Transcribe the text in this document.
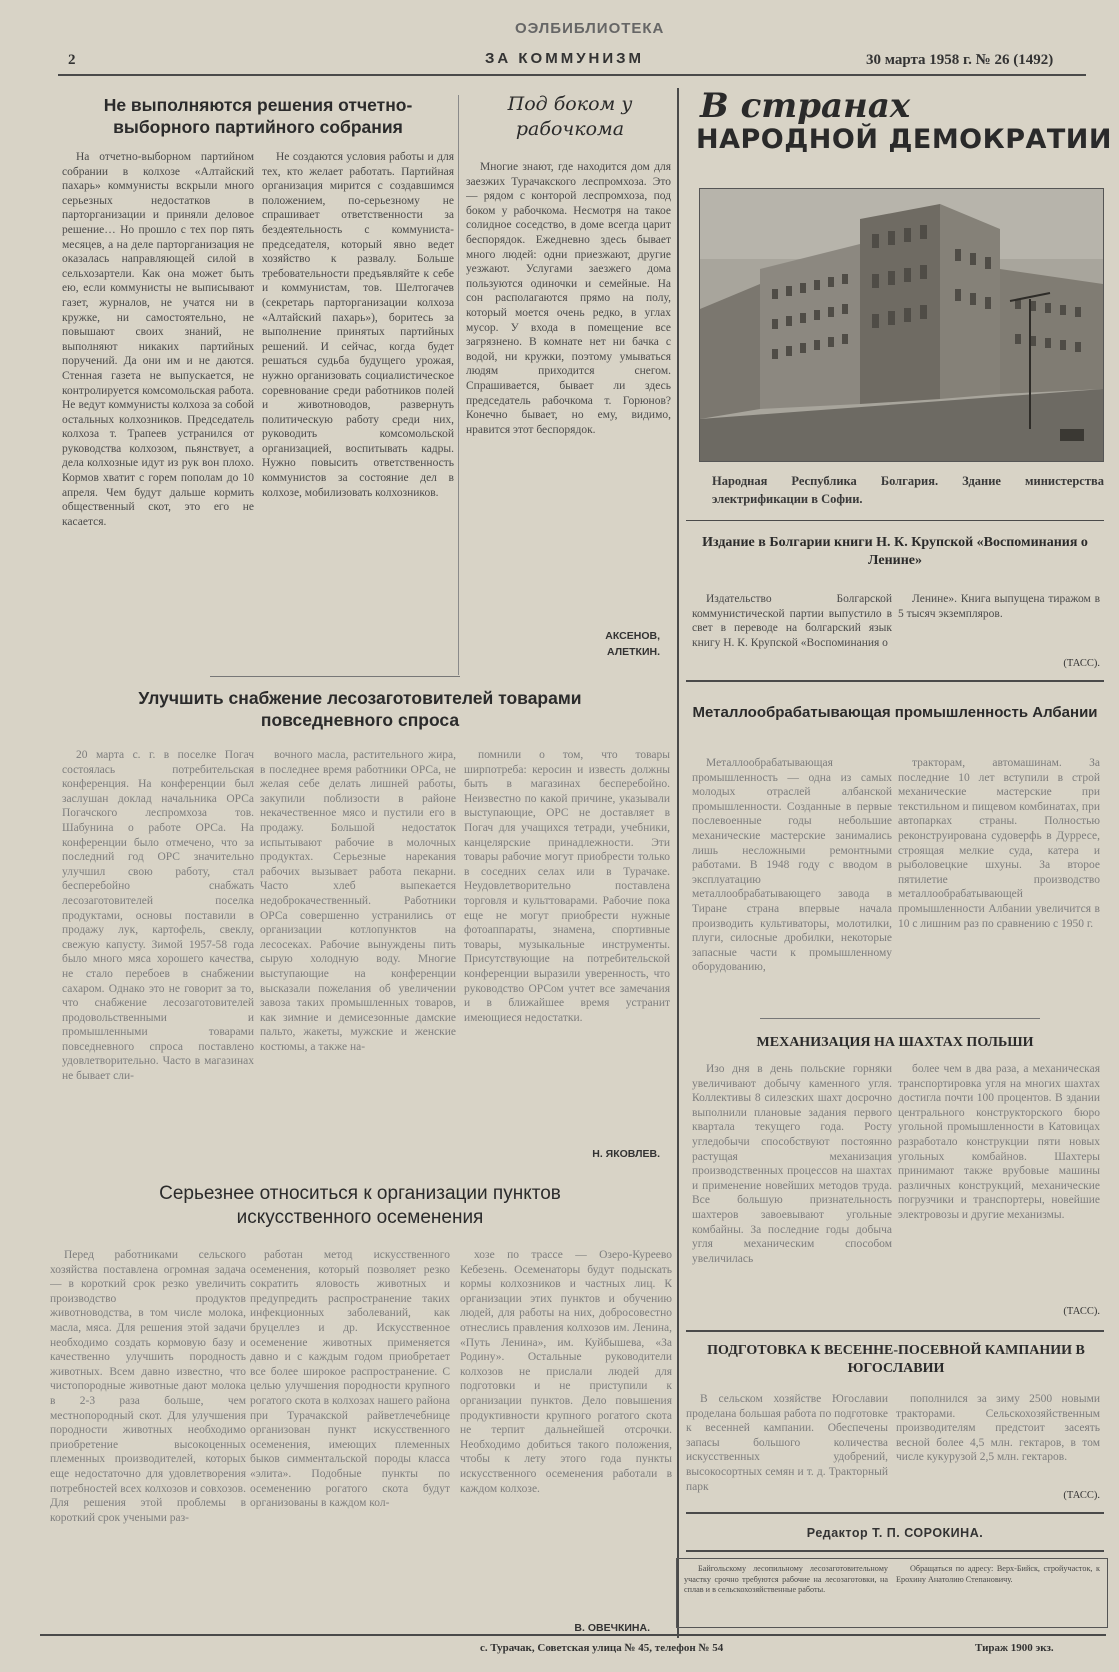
ОЭЛБИБЛИОТЕКА
2	ЗА КОММУНИЗМ	30 марта 1958 г. № 26 (1492)
Не выполняются решения отчетно-выборного партийного собрания

На отчетно-выборном партийном собрании в колхозе «Алтайский пахарь» коммунисты вскрыли много серьезных недостатков в парторганизации и приняли деловое решение… Но прошло с тех пор пять месяцев, а на деле парторганизация не оказалась направляющей силой в сельхозартели. Как она может быть ею, если коммунисты не выписывают газет, журналов, не учатся ни в кружке, ни самостоятельно, не повышают своих знаний, не выполняют никаких партийных поручений. Да они им и не даются. Стенная газета не выпускается, не контролируется комсомольская работа. Не ведут коммунисты колхоза за собой остальных колхозников. Председатель колхоза т. Трапеев устранился от руководства колхозом, пьянствует, а дела колхозные идут из рук вон плохо. Кормов хватит с горем пополам до 10 апреля. Чем будут дальше кормить общественный скот, это его не касается.

Не создаются условия работы и для тех, кто желает работать. Партийная организация мирится с создавшимся положением, по-серьезному не спрашивает ответственности за бездеятельность с коммуниста-председателя, который явно ведет хозяйство к развалу. Больше требовательности предъявляйте к себе и коммунистам, тов. Шелтогачев (секретарь парторганизации колхоза «Алтайский пахарь»), боритесь за выполнение принятых партийных решений. И сейчас, когда будет решаться судьба будущего урожая, нужно организовать социалистическое соревнование среди работников полей и животноводов, развернуть политическую работу среди них, руководить комсомольской организацией, воспитывать кадры. Нужно повысить ответственность коммунистов за состояние дел в колхозе, мобилизовать колхозников.

Под боком у рабочкома

Многие знают, где находится дом для заезжих Турачакского леспромхоза. Это — рядом с конторой леспромхоза, под боком у рабочкома. Несмотря на такое солидное соседство, в доме всегда царит беспорядок. Ежедневно здесь бывает много людей: одни приезжают, другие уезжают. Услугами заезжего дома пользуются одиночки и семейные. На сон располагаются прямо на полу, который моется очень редко, в углах мусор. У входа в помещение все загрязнено. В комнате нет ни бачка с водой, ни кружки, поэтому умываться людям приходится снегом. Спрашивается, бывает ли здесь председатель рабочкома т. Горюнов? Конечно бывает, но ему, видимо, нравится этот беспорядок.

АКСЕНОВ,
АЛЕТКИН.
Улучшить снабжение лесозаготовителей товарами повседневного спроса

20 марта с. г. в поселке Погач состоялась потребительская конференция. На конференции был заслушан доклад начальника ОРСа Погачского леспромхоза тов. Шабунина о работе ОРСа. На конференции было отмечено, что за последний год ОРС значительно улучшил свою работу, стал бесперебойно снабжать лесозаготовителей поселка продуктами, основы поставили в продажу лук, картофель, свеклу, свежую капусту. Зимой 1957-58 года было много мяса хорошего качества, не стало перебоев в снабжении сахаром. Однако это не говорит за то, что снабжение лесозаготовителей продовольственными и промышленными товарами повседневного спроса поставлено удовлетворительно. Часто в магазинах не бывает сли-

вочного масла, растительного жира, в последнее время работники ОРСа, не желая себе делать лишней работы, закупили поблизости в районе некачественное мясо и пустили его в продажу. Большой недостаток испытывают рабочие в молочных продуктах. Серьезные нарекания рабочих вызывает работа пекарни. Часто хлеб выпекается недоброкачественный. Работники ОРСа совершенно устранились от организации котлопунктов на лесосеках. Рабочие вынуждены пить сырую холодную воду. Многие выступающие на конференции высказали пожелания об увеличении завоза таких промышленных товаров, как зимние и демисезонные дамские пальто, жакеты, мужские и женские костюмы, а также на-

помнили о том, что товары ширпотреба: керосин и известь должны быть в магазинах бесперебойно. Неизвестно по какой причине, указывали выступающие, ОРС не доставляет в Погач для учащихся тетради, учебники, канцелярские принадлежности. Эти товары рабочие могут приобрести только в соседних селах или в Турачаке. Неудовлетворительно поставлена торговля и культтоварами. Рабочие пока еще не могут приобрести нужные фотоаппараты, знамена, спортивные товары, музыкальные инструменты. Присутствующие на потребительской конференции выразили уверенность, что руководство ОРСом учтет все замечания и в ближайшее время устранит имеющиеся недостатки.

Н. ЯКОВЛЕВ.
Серьезнее относиться к организации пунктов искусственного осеменения

Перед работниками сельского хозяйства поставлена огромная задача — в короткий срок резко увеличить производство продуктов животноводства, в том числе молока, масла, мяса. Для решения этой задачи необходимо создать кормовую базу и качественно улучшить породность животных. Всем давно известно, что чистопородные животные дают молока в 2-3 раза больше, чем местнопородный скот. Для улучшения породности животных необходимо приобретение высокоценных племенных производителей, которых еще недостаточно для удовлетворения потребностей всех колхозов и совхозов. Для решения этой проблемы в короткий срок учеными раз-

работан метод искусственного осеменения, который позволяет резко сократить яловость животных и предупредить распространение таких инфекционных заболеваний, как бруцеллез и др. Искусственное осеменение животных применяется давно и с каждым годом приобретает все более широкое распространение. С целью улучшения породности крупного рогатого скота в колхозах нашего района при Турачакской райветлечебнице организован пункт искусственного осеменения, имеющих племенных быков симментальской породы класса «элита». Подобные пункты по осеменению рогатого скота будут организованы в каждом кол-

хозе по трассе — Озеро-Куреево Кебезень. Осеменаторы будут подыскать кормы колхозников и частных лиц. К организации этих пунктов и обучению людей, для работы на них, добросовестно отнеслись правления колхозов им. Ленина, «Путь Ленина», им. Куйбышева, «За Родину». Остальные руководители колхозов не прислали людей для подготовки и не приступили к организации пунктов. Дело повышения продуктивности крупного рогатого скота не терпит дальнейшей отсрочки. Необходимо добиться такого положения, чтобы к лету этого года пункты искусственного осеменения работали в каждом колхозе.

В. ОВЕЧКИНА.
В странах
НАРОДНОЙ ДЕМОКРАТИИ
Народная Республика Болгария. Здание министерства электрификации в Софии.
Издание в Болгарии книги Н. К. Крупской «Воспоминания о Ленине»

Издательство Болгарской коммунистической партии выпустило в свет в переводе на болгарский язык книгу Н. К. Крупской «Воспоминания о

Ленине». Книга выпущена тиражом в 5 тысяч экземпляров.

(ТАСС).
Металлообрабатывающая промышленность Албании

Металлообрабатывающая промышленность — одна из самых молодых отраслей албанской промышленности. Созданные в первые послевоенные годы небольшие механические мастерские занимались лишь несложными ремонтными работами. В 1948 году с вводом в эксплуатацию металлообрабатывающего завода в Тиране страна впервые начала производить культиваторы, молотилки, плуги, силосные дробилки, некоторые запасные части к промышленному оборудованию,

тракторам, автомашинам. За последние 10 лет вступили в строй механические мастерские при текстильном и пищевом комбинатах, при автопарках страны. Полностью реконструирована судоверфь в Дурресе, строящая мелкие суда, катера и рыболовецкие шхуны. За второе пятилетие производство металлообрабатывающей промышленности Албании увеличится в 10 с лишним раз по сравнению с 1950 г.

МЕХАНИЗАЦИЯ НА ШАХТАХ ПОЛЬШИ

Изо дня в день польские горняки увеличивают добычу каменного угля. Коллективы 8 силезских шахт досрочно выполнили плановые задания первого квартала текущего года. Росту угледобычи способствуют постоянно растущая механизация производственных процессов на шахтах и применение новейших методов труда. Все большую признательность шахтеров завоевывают угольные комбайны. За последние годы добыча угля механическим способом увеличилась

более чем в два раза, а механическая транспортировка угля на многих шахтах достигла почти 100 процентов. В здании центрального конструкторского бюро угольной промышленности в Катовицах разработало конструкции пяти новых угольных комбайнов. Шахтеры принимают также врубовые машины различных конструкций, механические погрузчики и транспортеры, новейшие электровозы и другие механизмы.

(ТАСС).
ПОДГОТОВКА К ВЕСЕННЕ-ПОСЕВНОЙ КАМПАНИИ В ЮГОСЛАВИИ

В сельском хозяйстве Югославии проделана большая работа по подготовке к весенней кампании. Обеспечены запасы большого количества искусственных удобрений, высокосортных семян и т. д. Тракторный парк

пополнился за зиму 2500 новыми тракторами. Сельскохозяйственным производителям предстоит засеять весной более 4,5 млн. гектаров, в том числе кукурузой 2,5 млн. гектаров.

(ТАСС).
Редактор Т. П. СОРОКИНА.

Байгольскому лесопильному лесозаготовительному участку срочно требуются рабочие на лесозаготовки, на сплав и в сельскохозяйственные работы.

Обращаться по адресу: Верх-Бийск, стройучасток, к Ерохину Анатолию Степановичу.

с. Турачак, Советская улица № 45, телефон № 54	Тираж 1900 экз.
